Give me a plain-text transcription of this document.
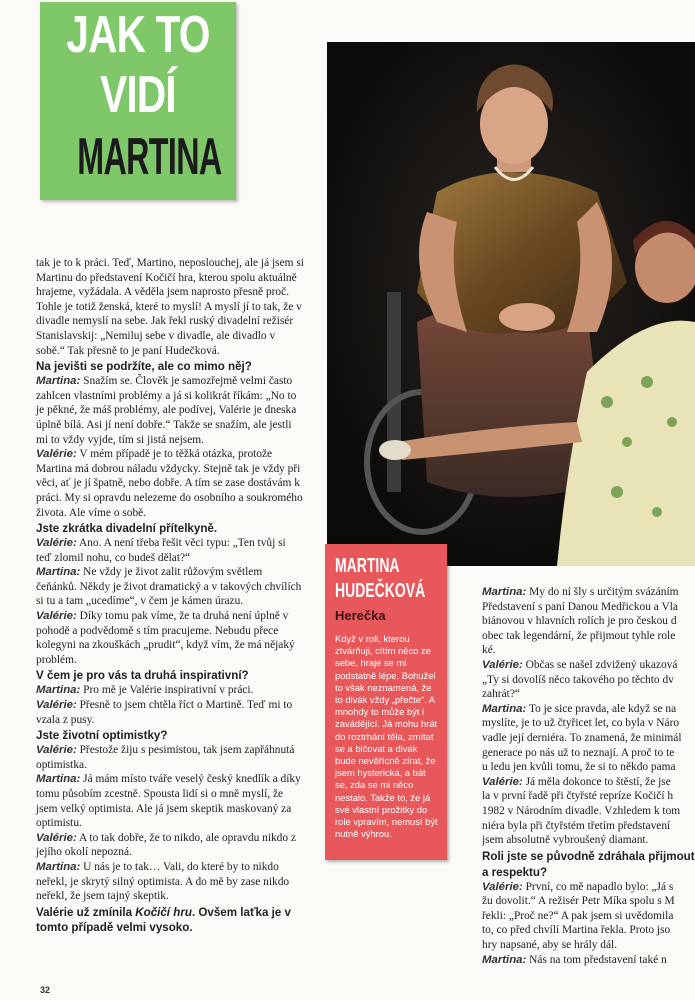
JAK TO
VIDÍ
MARTINA

tak je to k práci. Teď, Martino, neposlouchej, ale já jsem si Martinu do představení Kočičí hra, kterou spolu aktuálně hrajeme, vyžádala. A věděla jsem naprosto přesně proč. Tohle je totiž ženská, které to myslí! A myslí jí to tak, že v divadle nemyslí na sebe. Jak řekl ruský divadelní režisér Stanislavskij: „Nemiluj sebe v divadle, ale divadlo v sobě.“ Tak přesně to je paní Hudečková.

Na jevišti se podržíte, ale co mimo něj?

Martina: Snažím se. Člověk je samozřejmě velmi často zahlcen vlastními problémy a já si kolikrát říkám: „No to je pěkné, že máš problémy, ale podívej, Valérie je dneska úplně bílá. Asi jí není dobře.“ Takže se snažím, ale jestli mi to vždy vyjde, tím si jistá nejsem.

Valérie: V mém případě je to těžká otázka, protože Martina má dobrou náladu vždycky. Stejně tak je vždy při věci, ať je jí špatně, nebo dobře. A tím se zase dostávám k práci. My si opravdu nelezeme do osobního a soukromého života. Ale víme o sobě.

Jste zkrátka divadelní přítelkyně.

Valérie: Ano. A není třeba řešit věci typu: „Ten tvůj si teď zlomil nohu, co budeš dělat?“

Martina: Ne vždy je život zalit růžovým světlem čeňánků. Někdy je život dramatický a v takových chvílích si tu a tam „ucedíme“, v čem je kámen úrazu.

Valérie: Díky tomu pak víme, že ta druhá není úplně v pohodě a podvědomě s tím pracujeme. Nebudu přece kolegyni na zkouškách „prudit“, když vím, že má nějaký problém.

V čem je pro vás ta druhá inspirativní?

Martina: Pro mě je Valérie inspirativní v práci.

Valérie: Přesně to jsem chtěla říct o Martině. Teď mi to vzala z pusy.

Jste životní optimistky?

Valérie: Přestože žiju s pesimistou, tak jsem zapřáhnutá optimistka.

Martina: Já mám místo tváře veselý český knedlík a díky tomu působím zcestně. Spousta lidí si o mně myslí, že jsem velký optimista. Ale já jsem skeptik maskovaný za optimistu.

Valérie: A to tak dobře, že to nikdo, ale opravdu nikdo z jejího okolí nepozná.

Martina: U nás je to tak… Vali, do které by to nikdo neřekl, je skrytý silný optimista. A do mě by zase nikdo neřekl, že jsem tajný skeptik.

Valérie už zmínila Kočičí hru. Ovšem laťka je v tomto případě velmi vysoko.

MARTINA
HUDEČKOVÁ
Herečka
Když v roli, kterou ztvárňuji, cítím něco ze sebe, hraje se mi podstatně lépe. Bohužel to však neznamená, že to divák vždy „přečte“. A mnohdy to může být i zavádějící. Já mohu hrát do roztrhání těla, zmítat se a bičovat a divák bude nevěřícně zírat, že jsem hysterická, a bát se, zda se mi něco nestalo. Takže to, že já své vlastní prožitky do role vpravím, nemusí být nutně výhrou.

Martina: My do ní šly s určitým svázáním

Představení s paní Danou Medřickou a Vla

biánovou v hlavních rolích je pro českou d

obec tak legendární, že přijmout tyhle role

ké.

Valérie: Občas se našel zdvižený ukazová

„Ty si dovolíš něco takového po těchto dv

zahrát?“

Martina: To je sice pravda, ale když se na

myslíte, je to už čtyřicet let, co byla v Náro

vadle její derniéra. To znamená, že minimál

generace po nás už to neznají. A proč to te

u ledu jen kvůli tomu, že si to někdo pama

Valérie: Já měla dokonce to štěstí, že jse

la v první řadě při čtyřsté repríze Kočičí h

1982 v Národním divadle. Vzhledem k tom

niéra byla při čtyřstém třetím představení

jsem absolutně vybroušený diamant.

Roli jste se původně zdráhala přijmout

a respektu?

Valérie: První, co mě napadlo bylo: „Já s

žu dovolit.“ A režisér Petr Míka spolu s M

řekli: „Proč ne?“ A pak jsem si uvědomila

to, co před chvílí Martina řekla. Proto jso

hry napsané, aby se hrály dál.

Martina: Nás na tom představení také n

32
